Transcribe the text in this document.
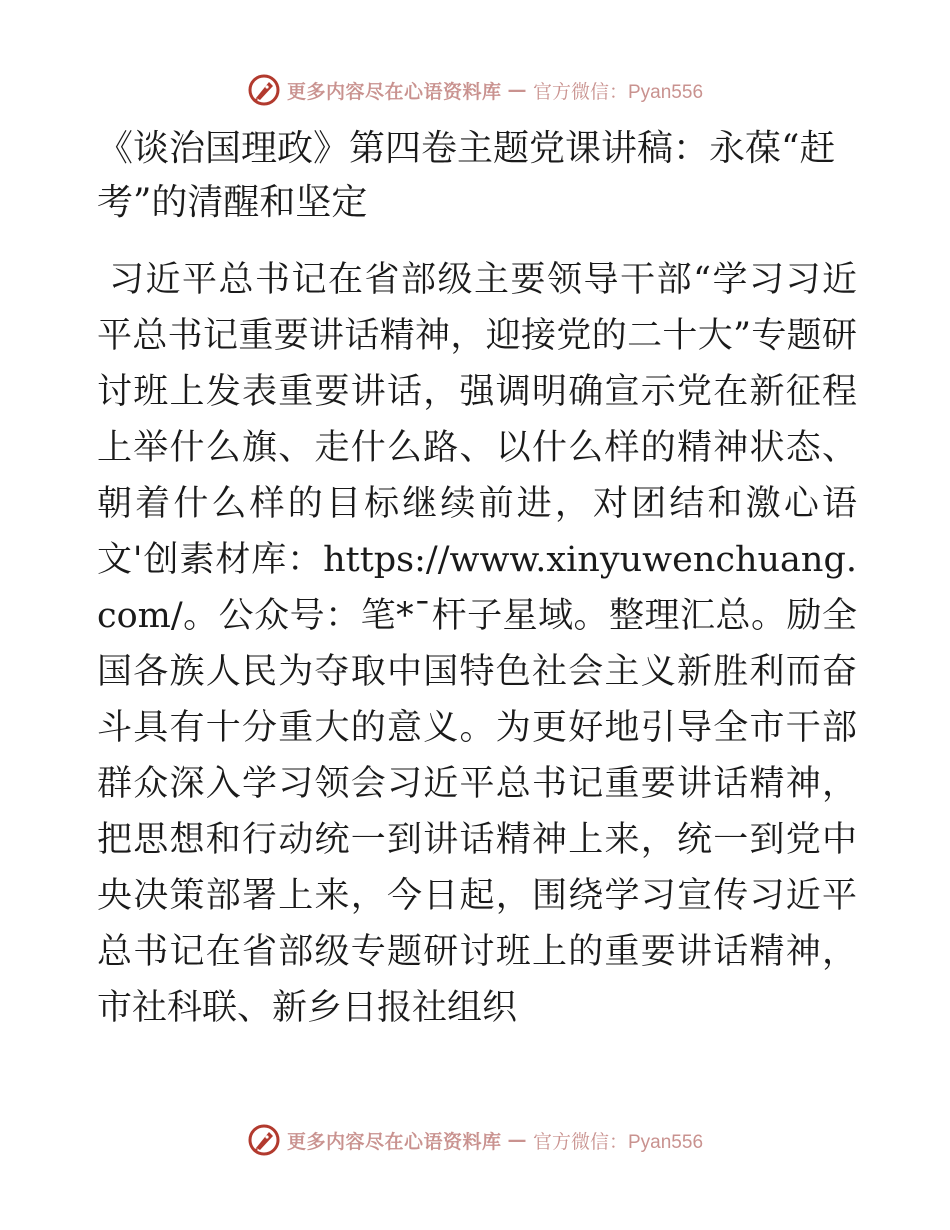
更多内容尽在心语资料库 — 官方微信：Pyan556
《谈治国理政》第四卷主题党课讲稿：永葆“赶考”的清醒和坚定

习近平总书记在省部级主要领导干部“学习习近平总书记重要讲话精神，迎接党的二十大”专题研讨班上发表重要讲话，强调明确宣示党在新征程上举什么旗、走什么路、以什么样的精神状态、朝着什么样的目标继续前进，对团结和激心语文'创素材库：https://www.xinyuwenchuang.com/。公众号：笔*¯杆子星域。整理汇总。励全国各族人民为夺取中国特色社会主义新胜利而奋斗具有十分重大的意义。为更好地引导全市干部群众深入学习领会习近平总书记重要讲话精神，把思想和行动统一到讲话精神上来，统一到党中央决策部署上来，今日起，围绕学习宣传习近平总书记在省部级专题研讨班上的重要讲话精神，市社科联、新乡日报社组织

更多内容尽在心语资料库 — 官方微信：Pyan556
